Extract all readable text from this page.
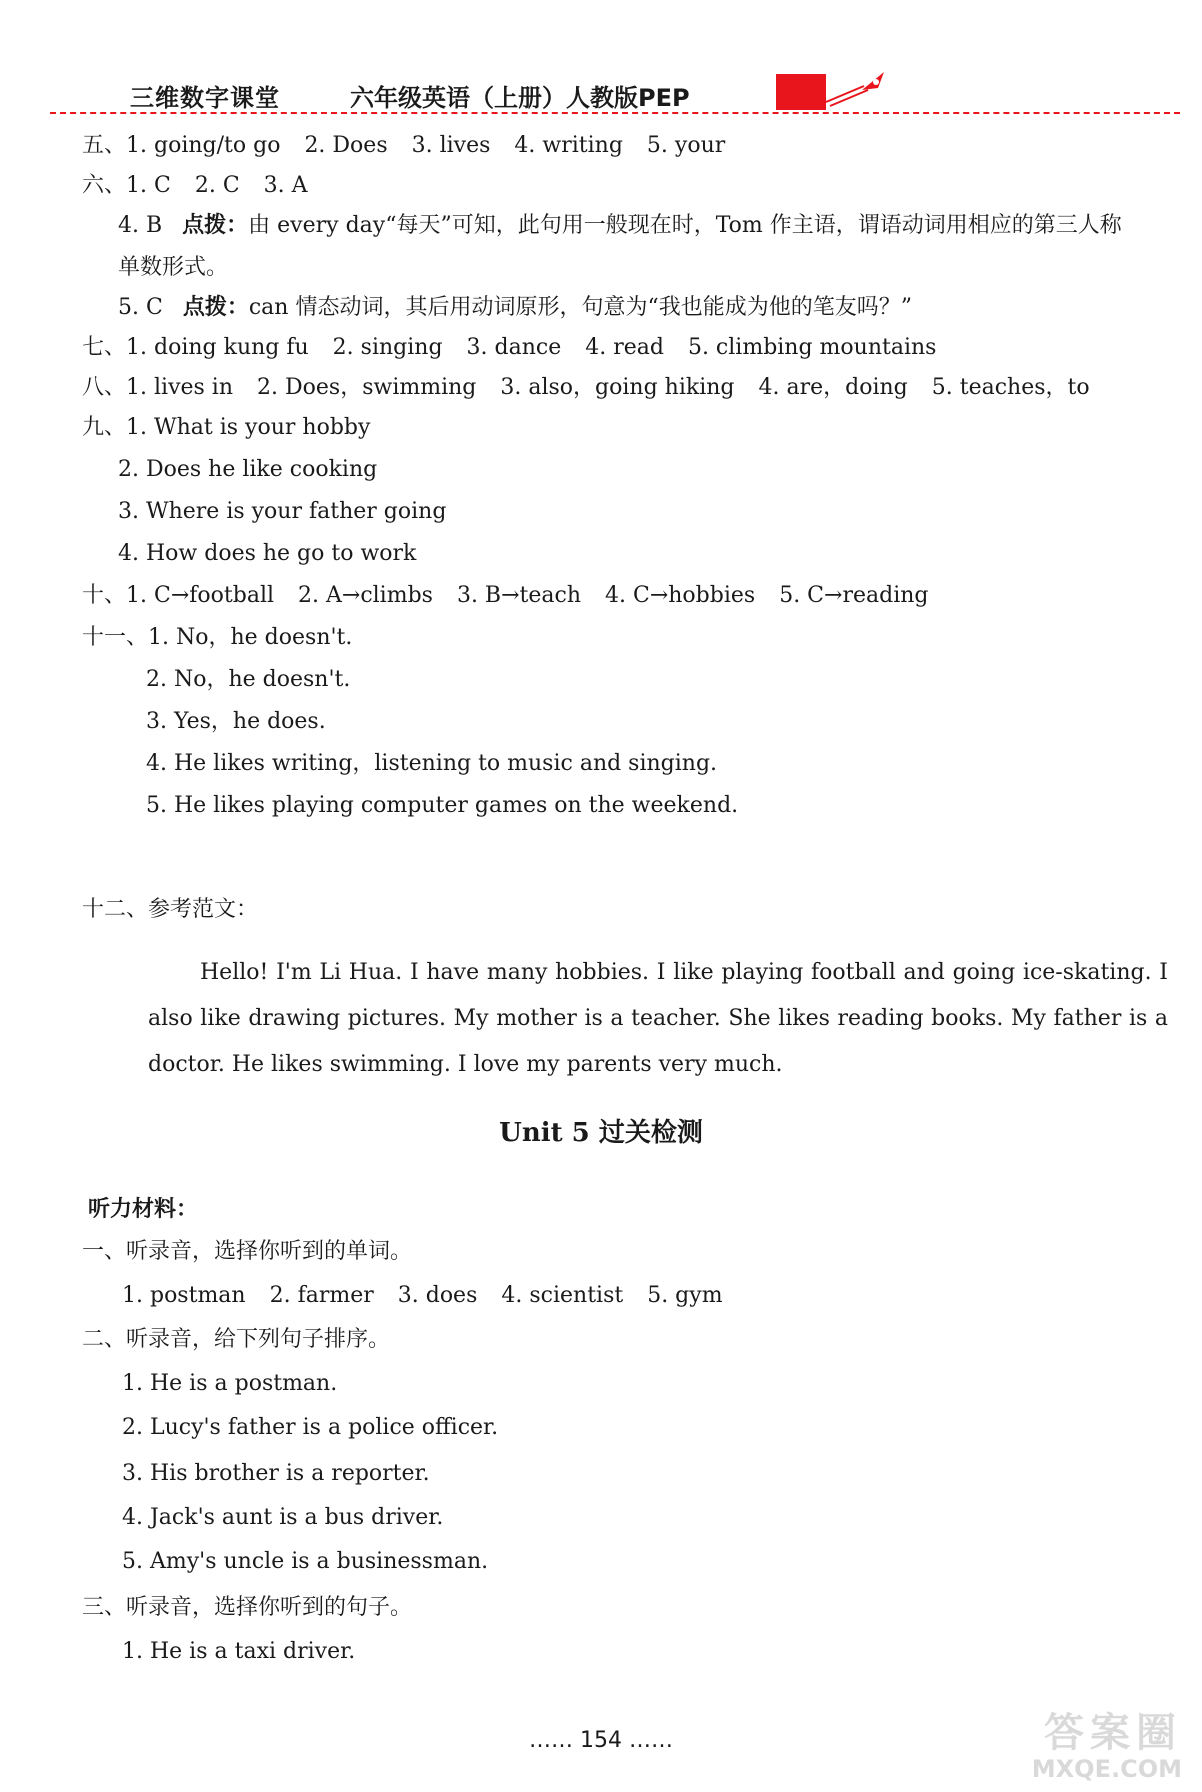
三维数字课堂	六年级英语（上册）人教版PEP
五、1. going/to go 2. Does 3. lives 4. writing 5. your
六、1. C 2. C 3. A
4. B 点拨：由 every day“每天”可知，此句用一般现在时，Tom 作主语，谓语动词用相应的第三人称
单数形式。
5. C 点拨：can 情态动词，其后用动词原形，句意为“我也能成为他的笔友吗？”
七、1. doing kung fu 2. singing 3. dance 4. read 5. climbing mountains
八、1. lives in 2. Does，swimming 3. also，going hiking 4. are，doing 5. teaches，to
九、1. What is your hobby
2. Does he like cooking
3. Where is your father going
4. How does he go to work
十、1. C→football 2. A→climbs 3. B→teach 4. C→hobbies 5. C→reading
十一、1. No，he doesn't.
2. No，he doesn't.
3. Yes，he does.
4. He likes writing，listening to music and singing.
5. He likes playing computer games on the weekend.
十二、参考范文：
Hello! I'm Li Hua. I have many hobbies. I like playing football and going ice-skating. I also like drawing pictures. My mother is a teacher. She likes reading books. My father is a doctor. He likes swimming. I love my parents very much.
Unit 5 过关检测
听力材料：
一、听录音，选择你听到的单词。
1. postman 2. farmer 3. does 4. scientist 5. gym
二、听录音，给下列句子排序。
1. He is a postman.
2. Lucy's father is a police officer.
3. His brother is a reporter.
4. Jack's aunt is a bus driver.
5. Amy's uncle is a businessman.
三、听录音，选择你听到的句子。
1. He is a taxi driver.
…… 154 ……	答案圈
MXQE.COM
